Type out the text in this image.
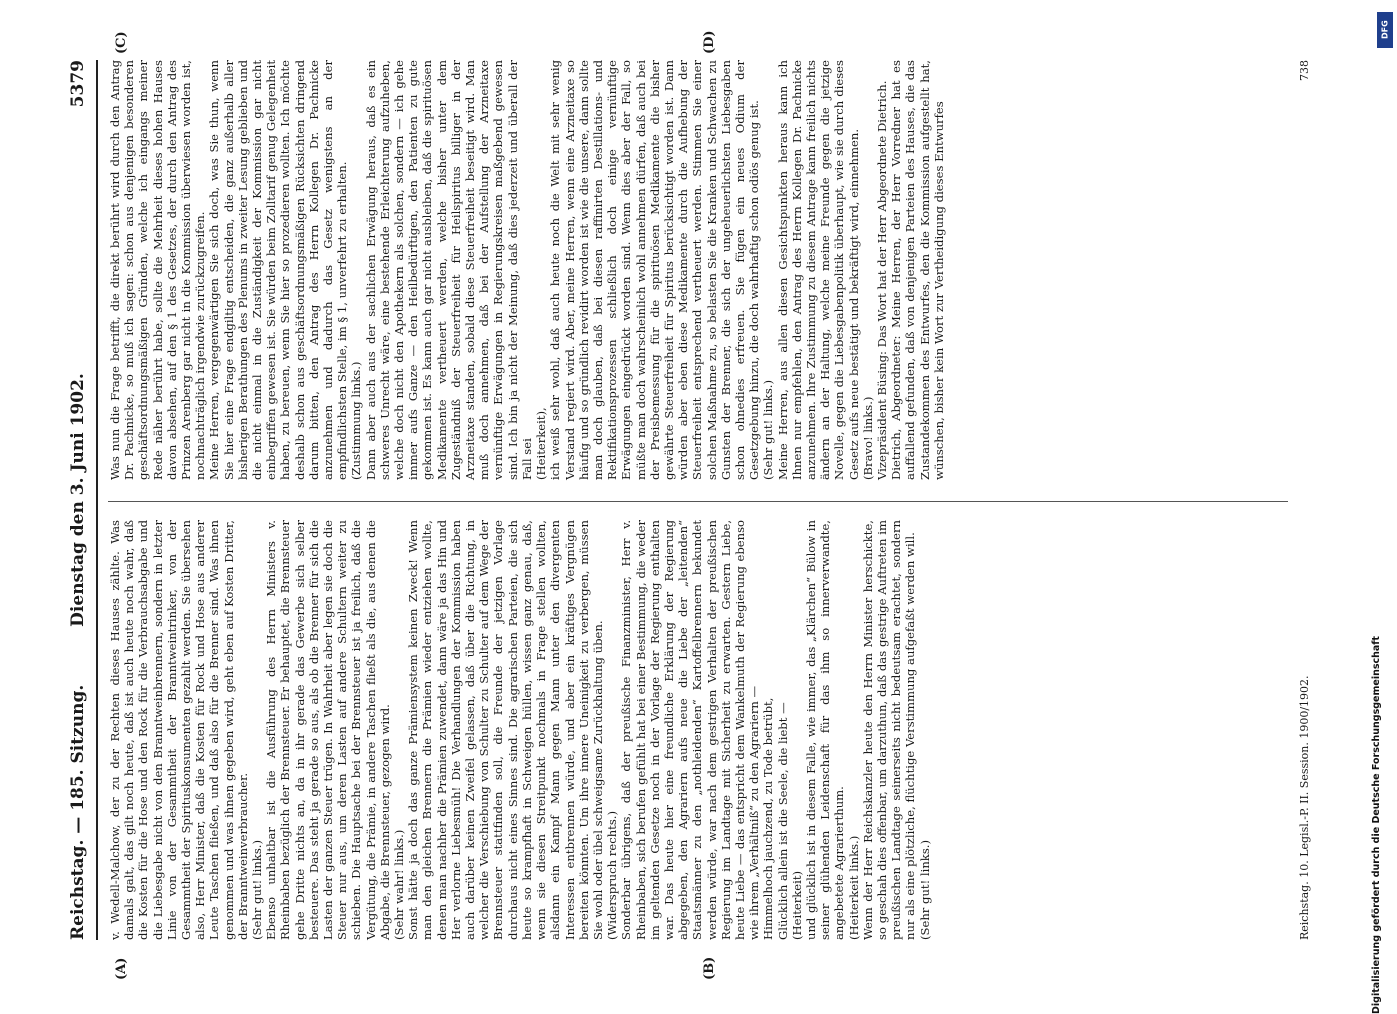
Reichstag. — 185. Sitzung.
Dienstag den 3. Juni 1902.
5379
(A)	(B)
(C)	(D)
v. Wedell-Malchow, der zu der Rechten dieses Hauses zählte. Was damals galt, das gilt noch heute, daß ist auch heute noch wahr, daß die Kosten für die Hose und den Rock für die Verbrauchsabgabe und die Liebesgabe nicht von den Branntweinbrennern, sondern in letzter Linie von der Gesammtheit der Branntweintrinker, von der Gesammtheit der Spirituskonsumenten gezahlt werden. Sie übersehen also, Herr Minister, daß die Kosten für Rock und Hose aus anderer Leute Taschen fließen, und daß also für die Brenner sind. Was ihnen genommen und was ihnen gegeben wird, geht eben auf Kosten Dritter, der Branntweinverbraucher.
(Sehr gut! links.)
Ebenso unhaltbar ist die Ausführung des Herrn Ministers v. Rheinbaben bezüglich der Brennsteuer. Er behauptet, die Brennsteuer gehe Dritte nichts an, da in ihr gerade das Gewerbe sich selber besteuere. Das steht ja gerade so aus, als ob die Brenner für sich die Lasten der ganzen Steuer trügen. In Wahrheit aber legen sie doch die Steuer nur aus, um deren Lasten auf andere Schultern weiter zu schieben. Die Hauptsache bei der Brennsteuer ist ja freilich, daß die Vergütung, die Prämie, in andere Taschen fließt als die, aus denen die Abgabe, die Brennsteuer, gezogen wird.
(Sehr wahr! links.)
Sonst hätte ja doch das ganze Prämiensystem keinen Zweck! Wenn man den gleichen Brennern die Prämien wieder entziehen wollte, denen man nachher die Prämien zuwendet, dann wäre ja das Hin und Her verlorne Liebesmüh! Die Verhandlungen der Kommission haben auch darüber keinen Zweifel gelassen, daß über die Richtung, in welcher die Verschiebung von Schulter zu Schulter auf dem Wege der Brennsteuer stattfinden soll, die Freunde der jetzigen Vorlage durchaus nicht eines Sinnes sind. Die agrarischen Parteien, die sich heute so krampfhaft in Schweigen hüllen, wissen ganz genau, daß, wenn sie diesen Streitpunkt nochmals in Frage stellen wollten, alsdann ein Kampf Mann gegen Mann unter den divergenten Interessen entbrennen würde, und aber ein kräftiges Vergnügen bereiten könnten. Um ihre innere Uneinigkeit zu verbergen, müssen Sie wohl oder übel schweigsame Zurückhaltung üben.
(Widerspruch rechts.)
Sonderbar übrigens, daß der preußische Finanzminister, Herr v. Rheinbaben, sich berufen gefühlt hat bei einer Bestimmung, die weder im geltenden Gesetze noch in der Vorlage der Regierung enthalten war. Das heute hier eine freundliche Erklärung der Regierung abgegeben, den Agrariern aufs neue die Liebe der „leitenden“ Staatsmänner zu den „nothleidenden“ Kartoffelbrennern bekundet werden würde, war nach dem gestrigen Verhalten der preußischen Regierung im Landtage mit Sicherheit zu erwarten. Gestern Liebe, heute Liebe — das entspricht dem Wankelmuth der Regierung ebenso wie ihrem „Verhältniß“ zu den Agrariern —
Himmelhoch jauchzend, zu Tode betrübt,
Glücklich allein ist die Seele, die liebt —
(Heiterkeit)
und glücklich ist in diesem Falle, wie immer, das „Klärchen“ Bülow in seiner glühenden Leidenschaft für das ihm so innerverwandte, angebetete Agrarierthum.
(Heiterkeit links.)
Wenn der Herr Reichskanzler heute den Herrn Minister herschickte, so geschah dies offenbar, um darzuthun, daß das gestrige Auftreten im preußischen Landtage seinerseits nicht bedeutsam erachtet, sondern nur als eine plötzliche, flüchtige Verstimmung aufgefaßt werden will.
(Sehr gut! links.)
Was nun die Frage betrifft, die direkt berührt wird durch den Antrag Dr. Pachnicke, so muß ich sagen: schon aus denjenigen besonderen geschäftsordnungsmäßigen Gründen, welche ich eingangs meiner Rede näher berührt habe, sollte die Mehrheit dieses hohen Hauses davon absehen, auf den § 1 des Gesetzes, der durch den Antrag des Prinzen Arenberg gar nicht in die Kommission überwiesen worden ist, nochnachträglich irgendwie zurückzugreifen.
Meine Herren, vergegenwärtigen Sie sich doch, was Sie thun, wenn Sie hier eine Frage endgiltig entscheiden, die ganz außerhalb aller bisherigen Berathungen des Plenums in zweiter Lesung geblieben und die nicht einmal in die Zuständigkeit der Kommission gar nicht einbegriffen gewesen ist. Sie würden beim Zolltarif genug Gelegenheit haben, zu bereuen, wenn Sie hier so prozedieren wollten. Ich möchte deshalb schon aus geschäftsordnungsmäßigen Rücksichten dringend darum bitten, den Antrag des Herrn Kollegen Dr. Pachnicke anzunehmen und dadurch das Gesetz wenigstens an der empfindlichsten Stelle, im § 1, unverfehrt zu erhalten.
(Zustimmung links.)
Dann aber auch aus der sachlichen Erwägung heraus, daß es ein schweres Unrecht wäre, eine bestehende Erleichterung aufzuheben, welche doch nicht den Apothekern als solchen, sondern — ich gehe immer aufs Ganze — den Heilbedürftigen, den Patienten zu gute gekommen ist. Es kann auch gar nicht ausbleiben, daß die spirituösen Medikamente vertheuert werden, welche bisher unter dem Zugeständniß der Steuerfreiheit für Heilspiritus billiger in der Arzneitaxe standen, sobald diese Steuerfreiheit beseitigt wird. Man muß doch annehmen, daß bei der Aufstellung der Arzneitaxe vernünftige Erwägungen in Regierungskreisen maßgebend gewesen sind. Ich bin ja nicht der Meinung, daß dies jederzeit und überall der Fall sei
(Heiterkeit),
ich weiß sehr wohl, daß auch heute noch die Welt mit sehr wenig Verstand regiert wird. Aber, meine Herren, wenn eine Arzneitaxe so häufig und so gründlich revidirt worden ist wie die unsere, dann sollte man doch glauben, daß bei diesen raffinirten Destillations- und Rektifikationsprozessen schließlich doch einige vernünftige Erwägungen eingedrückt worden sind. Wenn dies aber der Fall, so müßte man doch wahrscheinlich wohl annehmen dürfen, daß auch bei der Preisbemessung für die spirituösen Medikamente die bisher gewährte Steuerfreiheit für Spiritus berücksichtigt worden ist. Dann würden aber eben diese Medikamente durch die Aufhebung der Steuerfreiheit entsprechend vertheuert werden. Stimmen Sie einer solchen Maßnahme zu, so belasten Sie die Kranken und Schwachen zu Gunsten der Brenner, die sich der ungeheuerlichsten Liebesgaben schon ohnedies erfreuen. Sie fügen ein neues Odium der Gesetzgebung hinzu, die doch wahrhaftig schon odiös genug ist.
(Sehr gut! links.)
Meine Herren, aus allen diesen Gesichtspunkten heraus kann ich Ihnen nur empfehlen, den Antrag des Herrn Kollegen Dr. Pachnicke anzunehmen. Ihre Zustimmung zu diesem Antrage kann freilich nichts ändern an der Haltung, welche meine Freunde gegen die jetzige Novelle, gegen die Liebesgabenpolitik überhaupt, wie sie durch dieses Gesetz aufs neue bestätigt und bekräftigt wird, einnehmen.
(Bravo! links.)
Vizepräsident Büsing: Das Wort hat der Herr Abgeordnete Dietrich.
Dietrich, Abgeordneter: Meine Herren, der Herr Vorredner hat es auffallend gefunden, daß von denjenigen Parteien des Hauses, die das Zustandekommen des Entwurfes, den die Kommission aufgestellt hat, wünschen, bisher kein Wort zur Vertheidigung dieses Entwurfes
Reichstag. 10. Legisl.-P. II. Session. 1900/1902.
738
DFG
Digitalisierung gefördert durch die Deutsche Forschungsgemeinschaft
